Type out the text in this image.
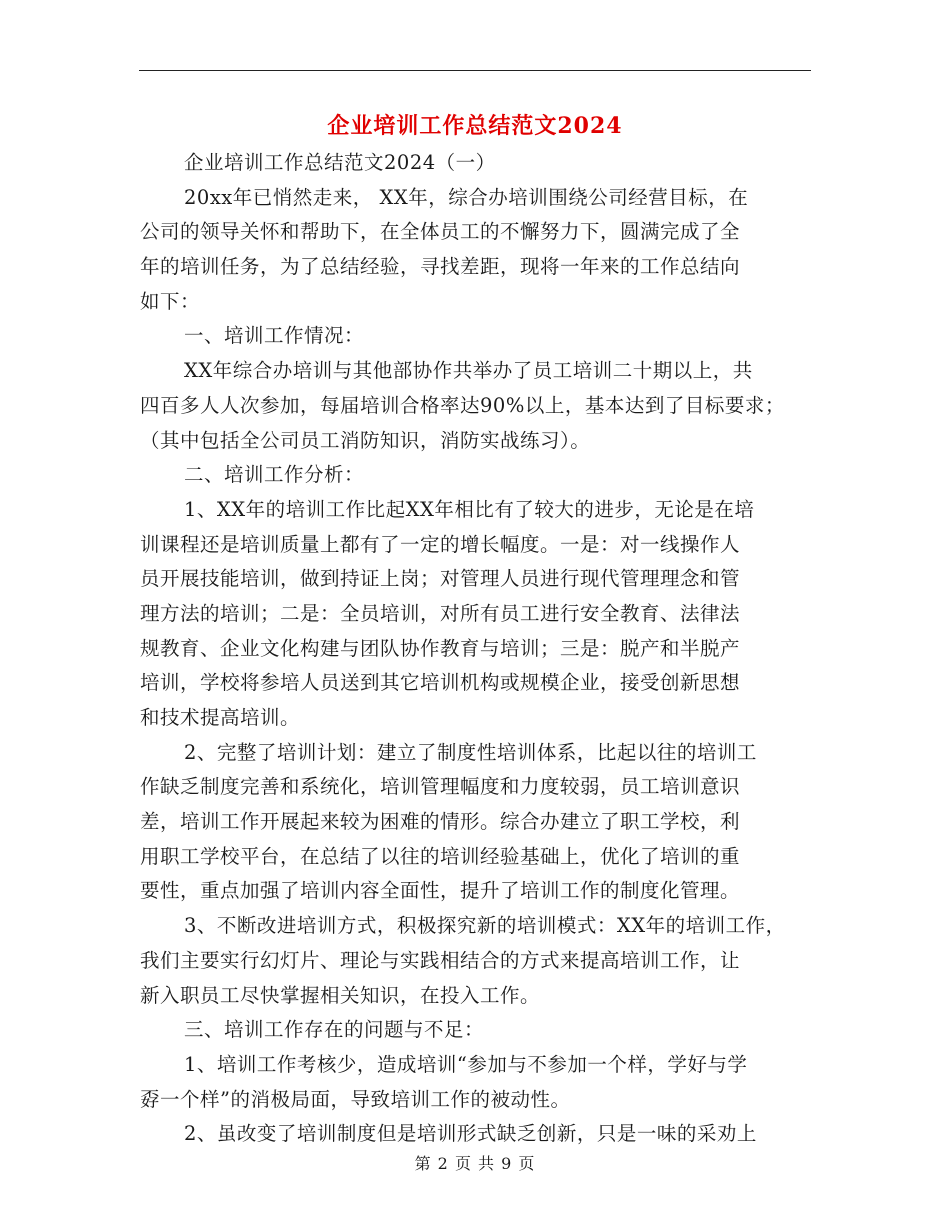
企业培训工作总结范文2024
企业培训工作总结范文2024（一）
20xx年已悄然走来， XX年，综合办培训围绕公司经营目标，在
公司的领导关怀和帮助下，在全体员工的不懈努力下，圆满完成了全
年的培训任务，为了总结经验，寻找差距，现将一年来的工作总结向
如下：
一、培训工作情况：
XX年综合办培训与其他部协作共举办了员工培训二十期以上，共
四百多人人次参加，每届培训合格率达90%以上，基本达到了目标要求；
（其中包括全公司员工消防知识，消防实战练习）。
二、培训工作分析：
1、XX年的培训工作比起XX年相比有了较大的进步，无论是在培
训课程还是培训质量上都有了一定的增长幅度。一是：对一线操作人
员开展技能培训，做到持证上岗；对管理人员进行现代管理理念和管
理方法的培训；二是：全员培训，对所有员工进行安全教育、法律法
规教育、企业文化构建与团队协作教育与培训；三是：脱产和半脱产
培训，学校将参培人员送到其它培训机构或规模企业，接受创新思想
和技术提高培训。
2、完整了培训计划：建立了制度性培训体系，比起以往的培训工
作缺乏制度完善和系统化，培训管理幅度和力度较弱，员工培训意识
差，培训工作开展起来较为困难的情形。综合办建立了职工学校，利
用职工学校平台，在总结了以往的培训经验基础上，优化了培训的重
要性，重点加强了培训内容全面性，提升了培训工作的制度化管理。
3、不断改进培训方式，积极探究新的培训模式：XX年的培训工作，
我们主要实行幻灯片、理论与实践相结合的方式来提高培训工作，让
新入职员工尽快掌握相关知识，在投入工作。
三、培训工作存在的问题与不足：
1、培训工作考核少，造成培训“参加与不参加一个样，学好与学
孬一个样”的消极局面，导致培训工作的被动性。
2、虽改变了培训制度但是培训形式缺乏创新，只是一味的采劝上
第 2 页 共 9 页
